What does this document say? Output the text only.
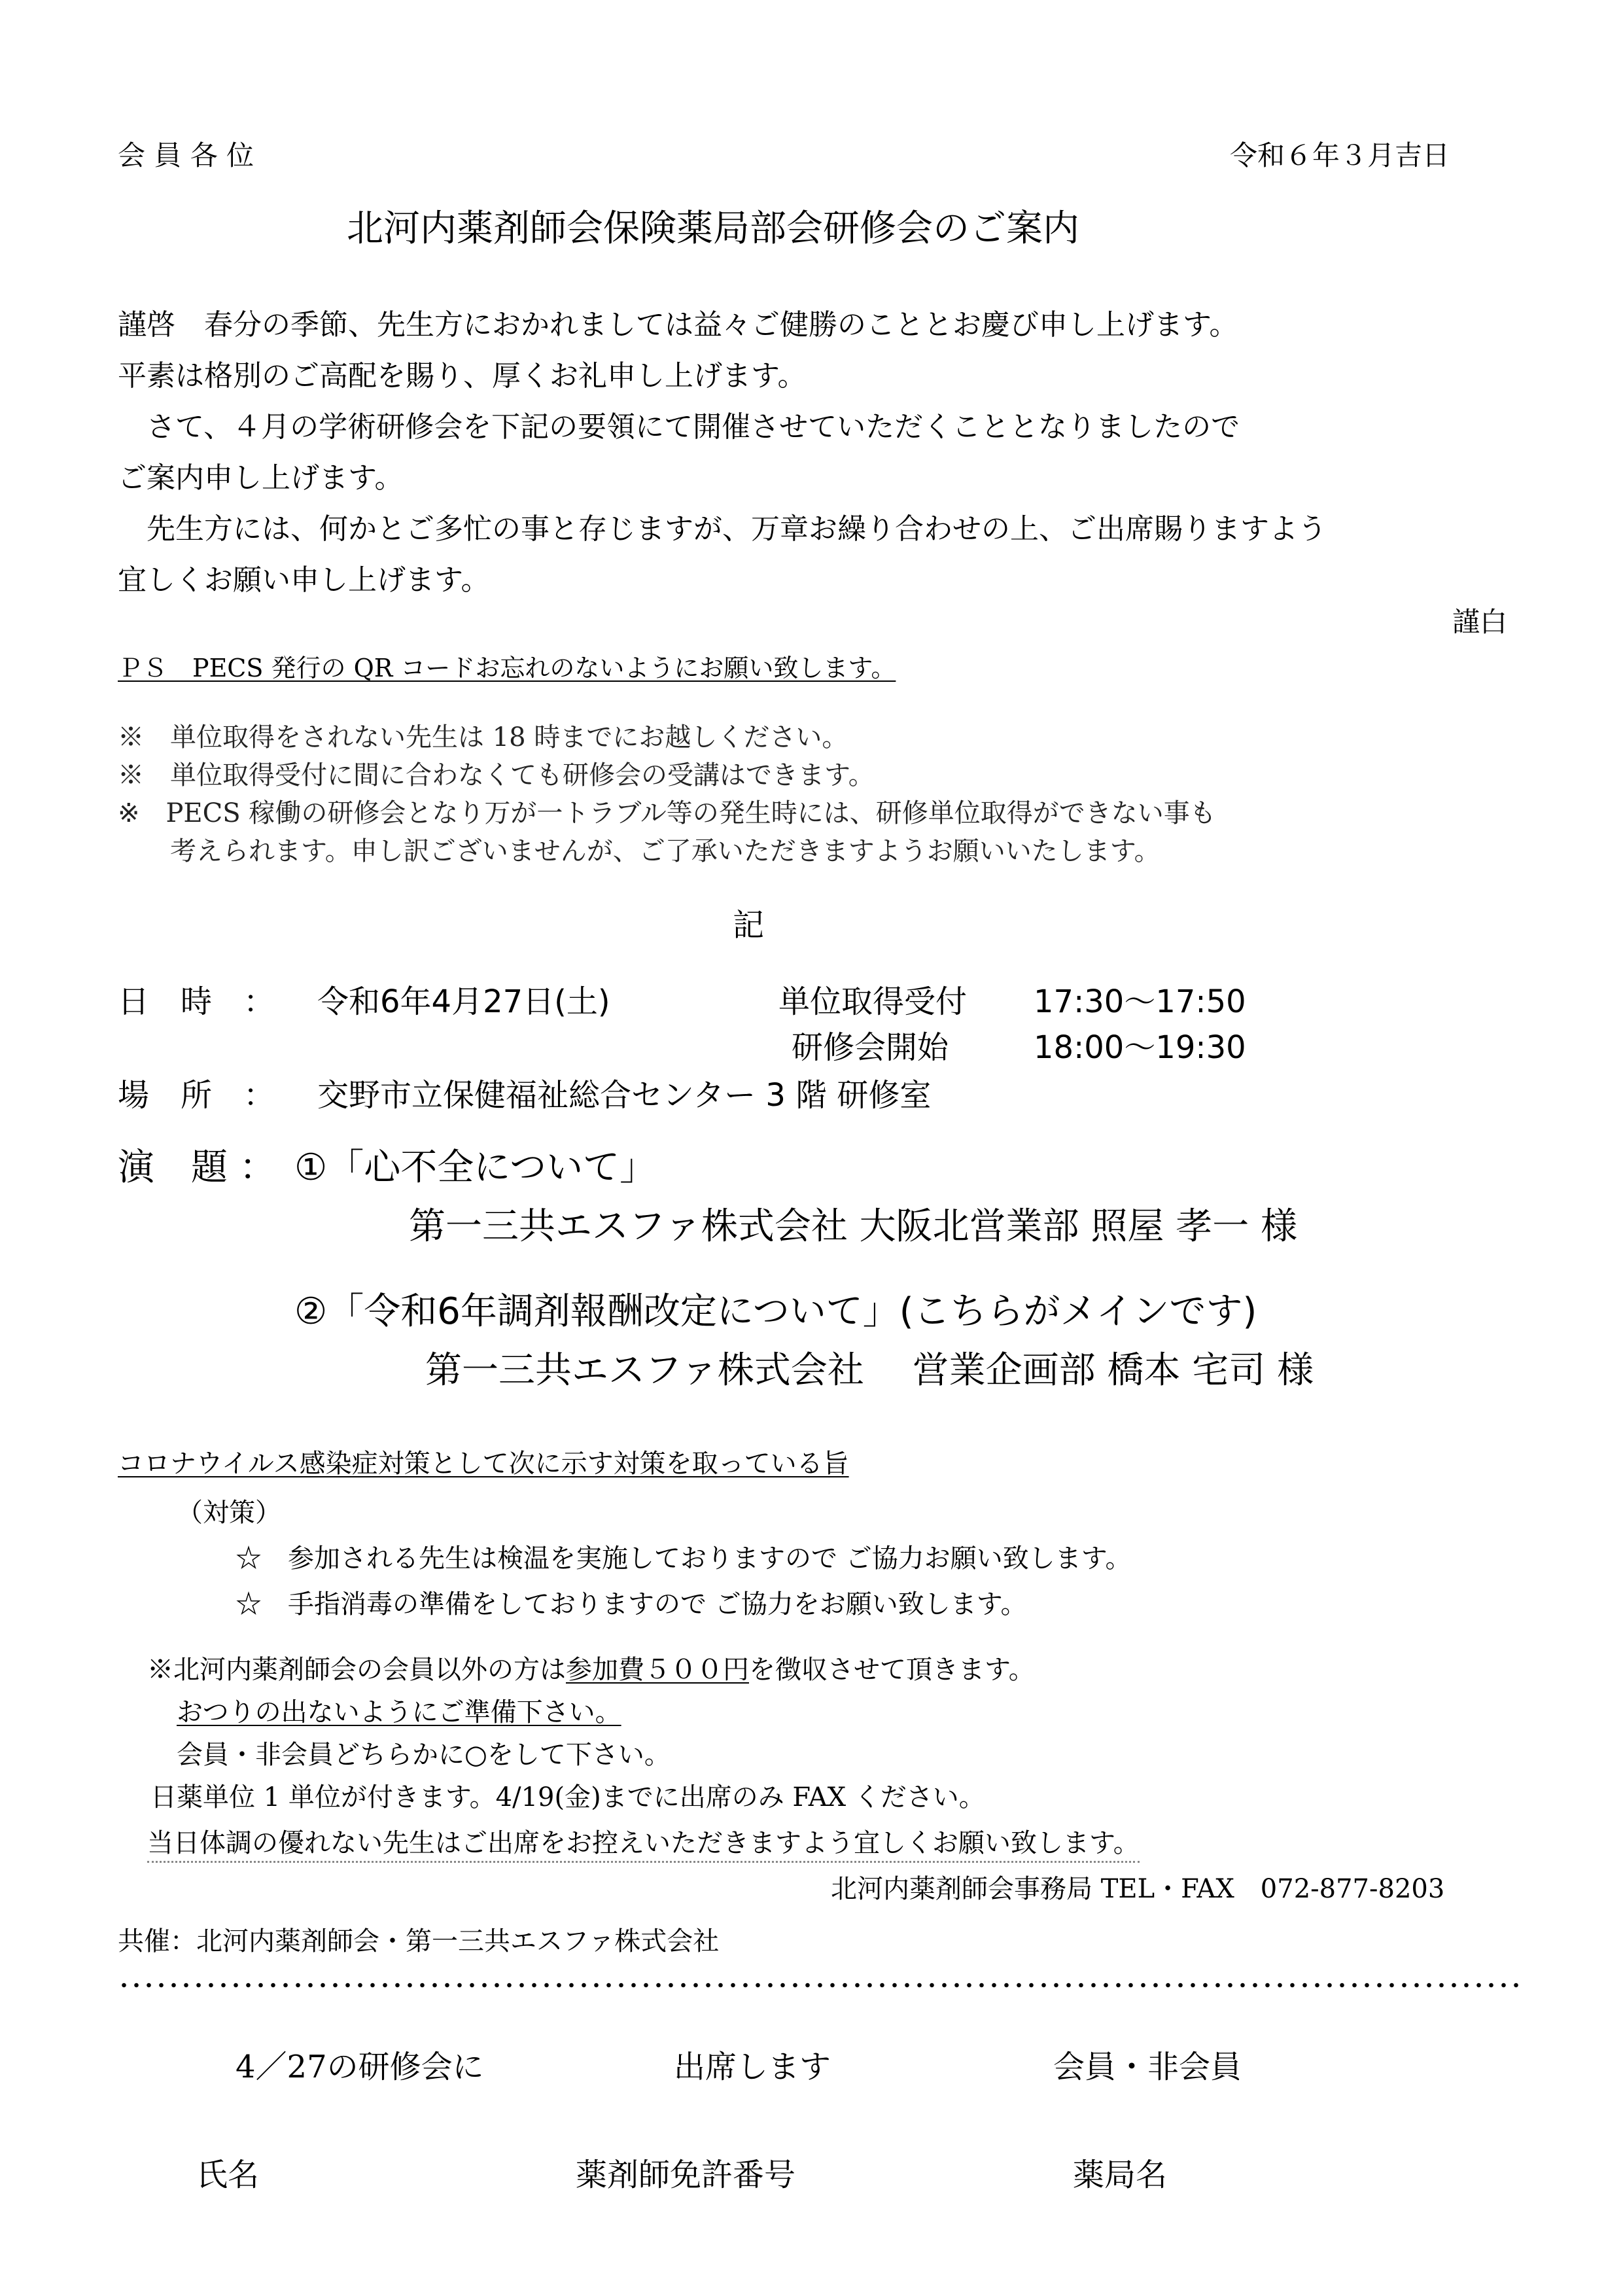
会 員 各 位	令和６年３月吉日
北河内薬剤師会保険薬局部会研修会のご案内
謹啓　春分の季節、先生方におかれましては益々ご健勝のこととお慶び申し上げます。
平素は格別のご高配を賜り、厚くお礼申し上げます。
　さて、４月の学術研修会を下記の要領にて開催させていただくこととなりましたので
ご案内申し上げます。
　先生方には、何かとご多忙の事と存じますが、万章お繰り合わせの上、ご出席賜りますよう
宜しくお願い申し上げます。
謹白
ＰＳ　PECS 発行の QR コードお忘れのないようにお願い致します。
※　単位取得をされない先生は 18 時までにお越しください。
※　単位取得受付に間に合わなくても研修会の受講はできます。
※　PECS 稼働の研修会となり万が一トラブル等の発生時には、研修単位取得ができない事も
　　考えられます。申し訳ございませんが、ご了承いただきますようお願いいたします。
記
日　時　： 令和6年4月27日(土)	単位取得受付 17:30～17:50
研修会開始	18:00～19:30
場　所　： 交野市立保健福祉総合センター 3 階 研修室
演　題 ： ①「心不全について」
第一三共エスファ株式会社 大阪北営業部 照屋 孝一 様
②「令和6年調剤報酬改定について」(こちらがメインです)
第一三共エスファ株式会社　 営業企画部 橋本 宅司 様
コロナウイルス感染症対策として次に示す対策を取っている旨
（対策）
☆　参加される先生は検温を実施しておりますので ご協力お願い致します。
☆　手指消毒の準備をしておりますので ご協力をお願い致します。
※北河内薬剤師会の会員以外の方は参加費５００円を徴収させて頂きます。
おつりの出ないようにご準備下さい。
会員・非会員どちらかに○をして下さい。
日薬単位 1 単位が付きます。4/19(金)までに出席のみ FAX ください。
当日体調の優れない先生はご出席をお控えいただきますよう宜しくお願い致します。
北河内薬剤師会事務局 TEL・FAX　072-877-8203
共催：北河内薬剤師会・第一三共エスファ株式会社
4／27の研修会に	出席します	会員・非会員
氏名	薬剤師免許番号	薬局名
